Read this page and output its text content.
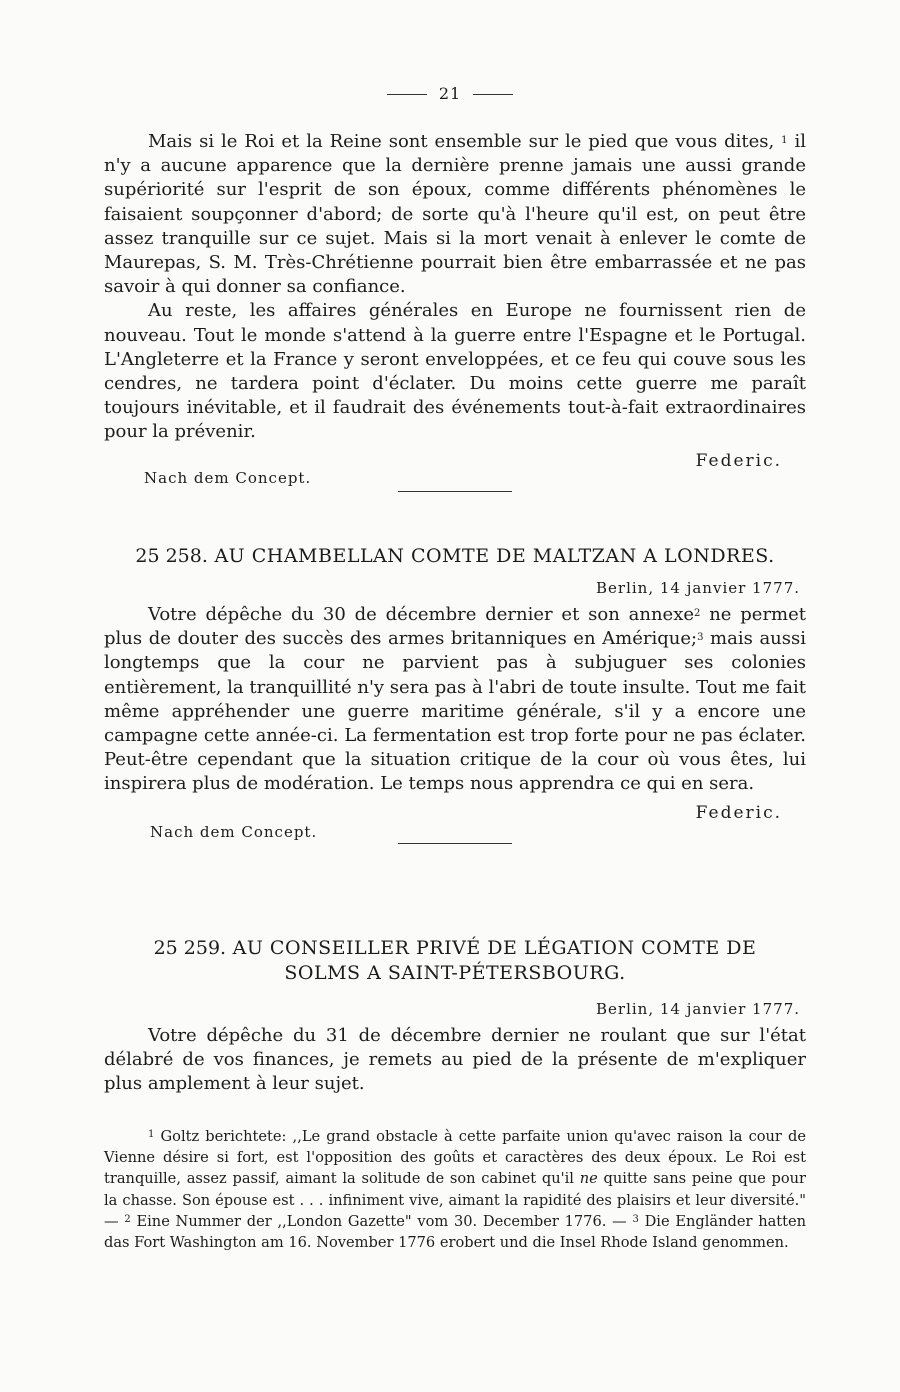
21

Mais si le Roi et la Reine sont ensemble sur le pied que vous dites, $^1$ il n'y a aucune apparence que la dernière prenne jamais une aussi grande supériorité sur l'esprit de son époux, comme différents phénomènes le faisaient soupçonner d'abord; de sorte qu'à l'heure qu'il est, on peut être assez tranquille sur ce sujet. Mais si la mort venait à enlever le comte de Maurepas, S. M. Très-Chrétienne pourrait bien être embarrassée et ne pas savoir à qui donner sa confiance.

Au reste, les affaires générales en Europe ne fournissent rien de nouveau. Tout le monde s'attend à la guerre entre l'Espagne et le Portugal. L'Angleterre et la France y seront enveloppées, et ce feu qui couve sous les cendres, ne tardera point d'éclater. Du moins cette guerre me paraît toujours inévitable, et il faudrait des événements tout-à-fait extraordinaires pour la prévenir.

Federic.

Nach dem Concept.

25 258. AU CHAMBELLAN COMTE DE MALTZAN A LONDRES.

Berlin, 14 janvier 1777.

Votre dépêche du 30 de décembre dernier et son annexe$^2$ ne permet plus de douter des succès des armes britanniques en Amérique;$^3$ mais aussi longtemps que la cour ne parvient pas à subjuguer ses colonies entièrement, la tranquillité n'y sera pas à l'abri de toute insulte. Tout me fait même appréhender une guerre maritime générale, s'il y a encore une campagne cette année-ci. La fermentation est trop forte pour ne pas éclater. Peut-être cependant que la situation critique de la cour où vous êtes, lui inspirera plus de modération. Le temps nous apprendra ce qui en sera.

Federic.

Nach dem Concept.

25 259. AU CONSEILLER PRIVÉ DE LÉGATION COMTE DE

SOLMS A SAINT-PÉTERSBOURG.

Berlin, 14 janvier 1777.

Votre dépêche du 31 de décembre dernier ne roulant que sur l'état délabré de vos finances, je remets au pied de la présente de m'expliquer plus amplement à leur sujet.

$^1$ Goltz berichtete: ,,Le grand obstacle à cette parfaite union qu'avec raison la cour de Vienne désire si fort, est l'opposition des goûts et caractères des deux époux. Le Roi est tranquille, assez passif, aimant la solitude de son cabinet qu'il ne quitte sans peine que pour la chasse. Son épouse est . . . infiniment vive, aimant la rapidité des plaisirs et leur diversité." — $^2$ Eine Nummer der ,,London Gazette" vom 30. December 1776. — $^3$ Die Engländer hatten das Fort Washington am 16. November 1776 erobert und die Insel Rhode Island genommen.
